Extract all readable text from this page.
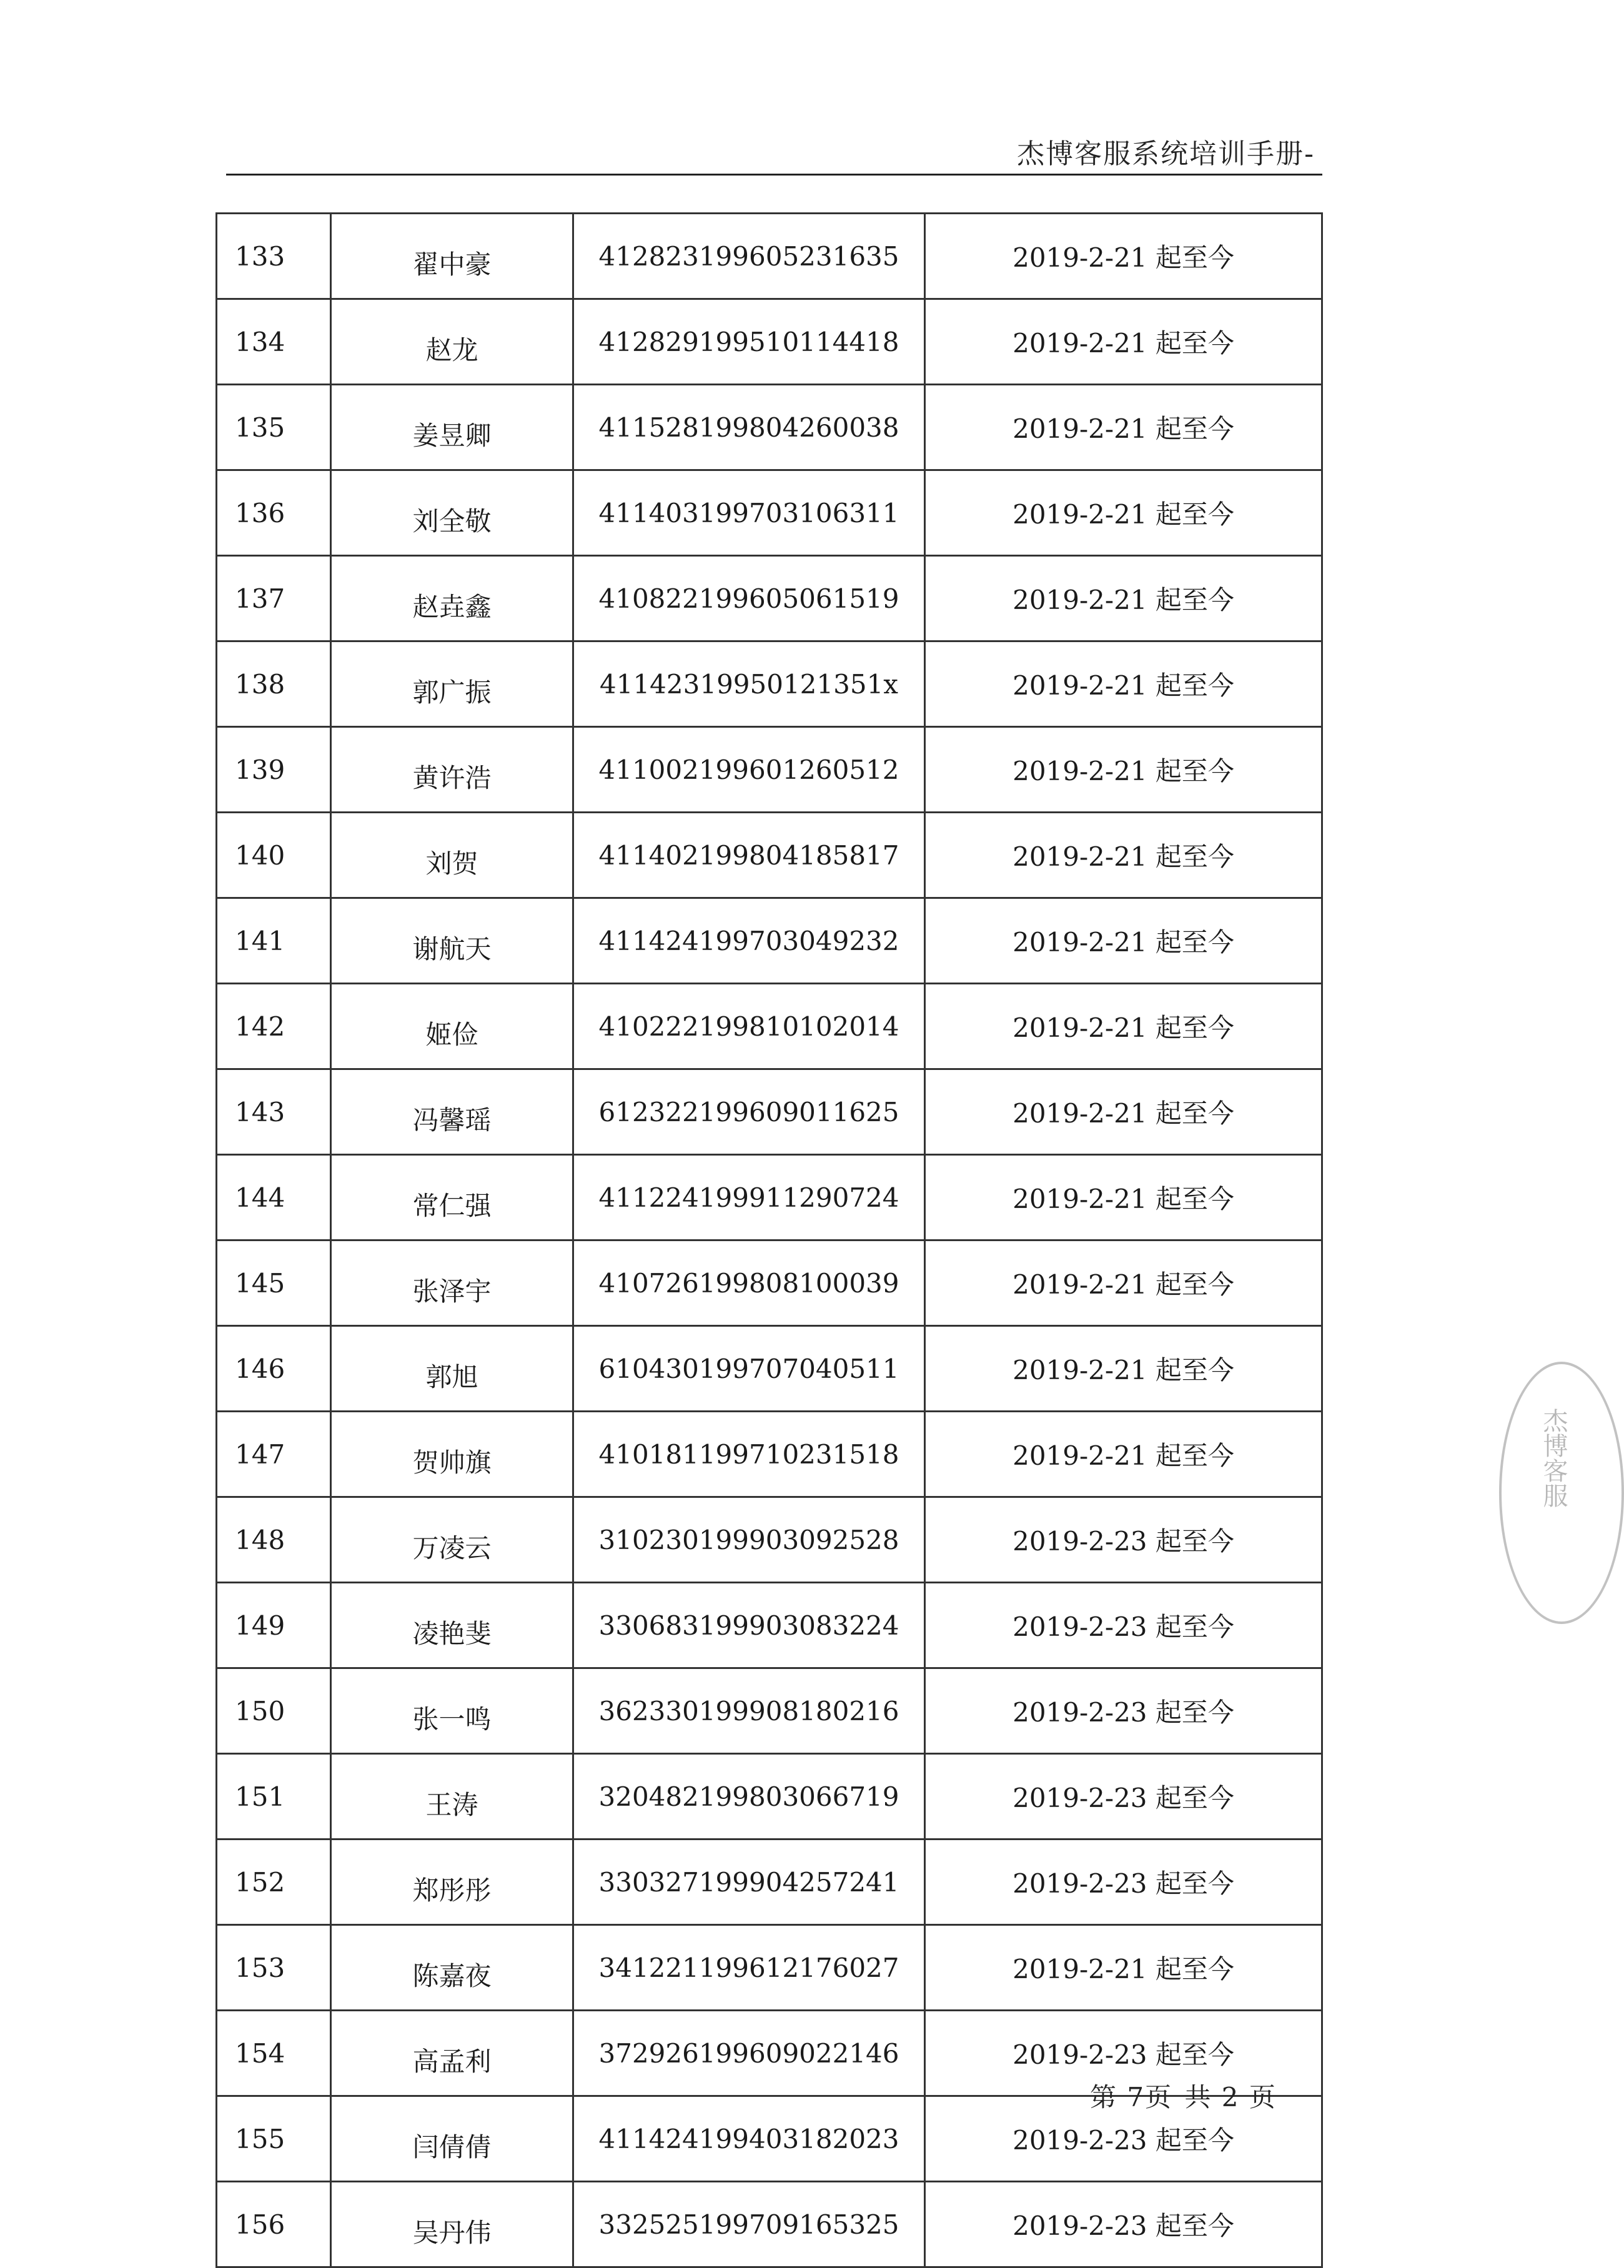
杰博客服系统培训手册-
133	翟中豪	412823199605231635	2019-2-21 起至今
134	赵龙	412829199510114418	2019-2-21 起至今
135	姜昱卿	411528199804260038	2019-2-21 起至今
136	刘全敬	411403199703106311	2019-2-21 起至今
137	赵垚鑫	410822199605061519	2019-2-21 起至今
138	郭广振	41142319950121351x	2019-2-21 起至今
139	黄许浩	411002199601260512	2019-2-21 起至今
140	刘贺	411402199804185817	2019-2-21 起至今
141	谢航天	411424199703049232	2019-2-21 起至今
142	姬俭	410222199810102014	2019-2-21 起至今
143	冯馨瑶	612322199609011625	2019-2-21 起至今
144	常仁强	411224199911290724	2019-2-21 起至今
145	张泽宇	410726199808100039	2019-2-21 起至今
146	郭旭	610430199707040511	2019-2-21 起至今
147	贺帅旗	410181199710231518	2019-2-21 起至今
148	万凌云	310230199903092528	2019-2-23 起至今
149	凌艳斐	330683199903083224	2019-2-23 起至今
150	张一鸣	362330199908180216	2019-2-23 起至今
151	王涛	320482199803066719	2019-2-23 起至今
152	郑彤彤	330327199904257241	2019-2-23 起至今
153	陈嘉夜	341221199612176027	2019-2-21 起至今
154	高孟利	372926199609022146	2019-2-23 起至今
155	闫倩倩	411424199403182023	2019-2-23 起至今
156	吴丹伟	332525199709165325	2019-2-23 起至今
第 7页 共 2 页
杰博客服
